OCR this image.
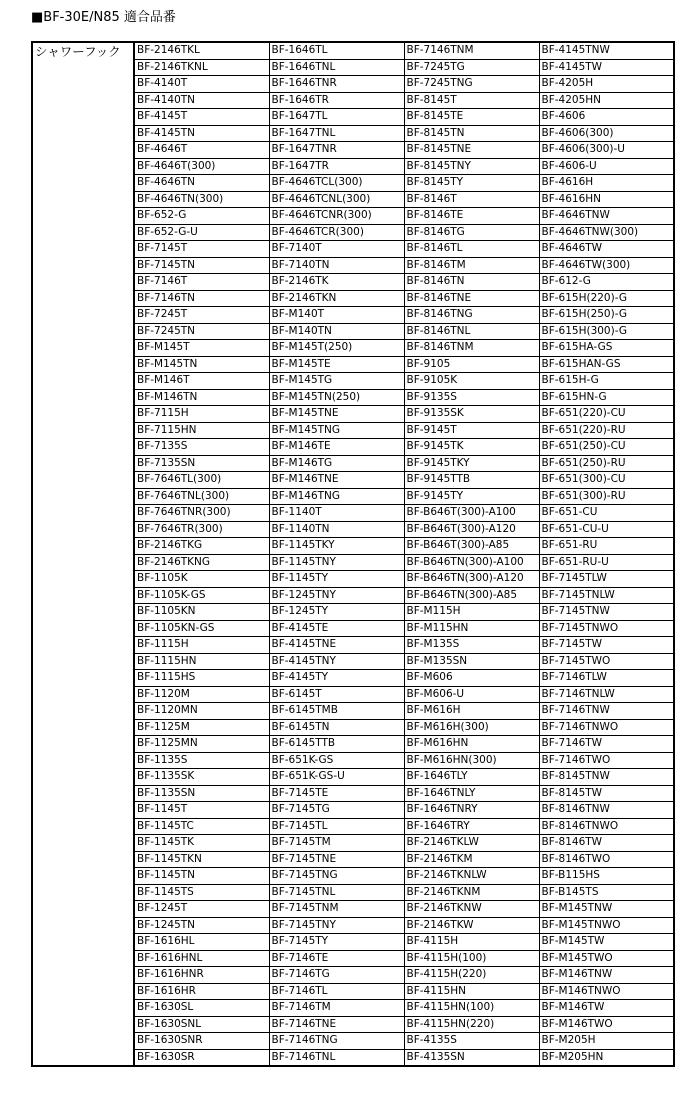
■BF-30E/N85 適合品番
シャワーフック	BF-2146TKL	BF-1646TL	BF-7146TNM	BF-4145TNW
	BF-2146TKNL	BF-1646TNL	BF-7245TG	BF-4145TW
	BF-4140T	BF-1646TNR	BF-7245TNG	BF-4205H
	BF-4140TN	BF-1646TR	BF-8145T	BF-4205HN
	BF-4145T	BF-1647TL	BF-8145TE	BF-4606
	BF-4145TN	BF-1647TNL	BF-8145TN	BF-4606(300)
	BF-4646T	BF-1647TNR	BF-8145TNE	BF-4606(300)-U
	BF-4646T(300)	BF-1647TR	BF-8145TNY	BF-4606-U
	BF-4646TN	BF-4646TCL(300)	BF-8145TY	BF-4616H
	BF-4646TN(300)	BF-4646TCNL(300)	BF-8146T	BF-4616HN
	BF-652-G	BF-4646TCNR(300)	BF-8146TE	BF-4646TNW
	BF-652-G-U	BF-4646TCR(300)	BF-8146TG	BF-4646TNW(300)
	BF-7145T	BF-7140T	BF-8146TL	BF-4646TW
	BF-7145TN	BF-7140TN	BF-8146TM	BF-4646TW(300)
	BF-7146T	BF-2146TK	BF-8146TN	BF-612-G
	BF-7146TN	BF-2146TKN	BF-8146TNE	BF-615H(220)-G
	BF-7245T	BF-M140T	BF-8146TNG	BF-615H(250)-G
	BF-7245TN	BF-M140TN	BF-8146TNL	BF-615H(300)-G
	BF-M145T	BF-M145T(250)	BF-8146TNM	BF-615HA-GS
	BF-M145TN	BF-M145TE	BF-9105	BF-615HAN-GS
	BF-M146T	BF-M145TG	BF-9105K	BF-615H-G
	BF-M146TN	BF-M145TN(250)	BF-9135S	BF-615HN-G
	BF-7115H	BF-M145TNE	BF-9135SK	BF-651(220)-CU
	BF-7115HN	BF-M145TNG	BF-9145T	BF-651(220)-RU
	BF-7135S	BF-M146TE	BF-9145TK	BF-651(250)-CU
	BF-7135SN	BF-M146TG	BF-9145TKY	BF-651(250)-RU
	BF-7646TL(300)	BF-M146TNE	BF-9145TTB	BF-651(300)-CU
	BF-7646TNL(300)	BF-M146TNG	BF-9145TY	BF-651(300)-RU
	BF-7646TNR(300)	BF-1140T	BF-B646T(300)-A100	BF-651-CU
	BF-7646TR(300)	BF-1140TN	BF-B646T(300)-A120	BF-651-CU-U
	BF-2146TKG	BF-1145TKY	BF-B646T(300)-A85	BF-651-RU
	BF-2146TKNG	BF-1145TNY	BF-B646TN(300)-A100	BF-651-RU-U
	BF-1105K	BF-1145TY	BF-B646TN(300)-A120	BF-7145TLW
	BF-1105K-GS	BF-1245TNY	BF-B646TN(300)-A85	BF-7145TNLW
	BF-1105KN	BF-1245TY	BF-M115H	BF-7145TNW
	BF-1105KN-GS	BF-4145TE	BF-M115HN	BF-7145TNWO
	BF-1115H	BF-4145TNE	BF-M135S	BF-7145TW
	BF-1115HN	BF-4145TNY	BF-M135SN	BF-7145TWO
	BF-1115HS	BF-4145TY	BF-M606	BF-7146TLW
	BF-1120M	BF-6145T	BF-M606-U	BF-7146TNLW
	BF-1120MN	BF-6145TMB	BF-M616H	BF-7146TNW
	BF-1125M	BF-6145TN	BF-M616H(300)	BF-7146TNWO
	BF-1125MN	BF-6145TTB	BF-M616HN	BF-7146TW
	BF-1135S	BF-651K-GS	BF-M616HN(300)	BF-7146TWO
	BF-1135SK	BF-651K-GS-U	BF-1646TLY	BF-8145TNW
	BF-1135SN	BF-7145TE	BF-1646TNLY	BF-8145TW
	BF-1145T	BF-7145TG	BF-1646TNRY	BF-8146TNW
	BF-1145TC	BF-7145TL	BF-1646TRY	BF-8146TNWO
	BF-1145TK	BF-7145TM	BF-2146TKLW	BF-8146TW
	BF-1145TKN	BF-7145TNE	BF-2146TKM	BF-8146TWO
	BF-1145TN	BF-7145TNG	BF-2146TKNLW	BF-B115HS
	BF-1145TS	BF-7145TNL	BF-2146TKNM	BF-B145TS
	BF-1245T	BF-7145TNM	BF-2146TKNW	BF-M145TNW
	BF-1245TN	BF-7145TNY	BF-2146TKW	BF-M145TNWO
	BF-1616HL	BF-7145TY	BF-4115H	BF-M145TW
	BF-1616HNL	BF-7146TE	BF-4115H(100)	BF-M145TWO
	BF-1616HNR	BF-7146TG	BF-4115H(220)	BF-M146TNW
	BF-1616HR	BF-7146TL	BF-4115HN	BF-M146TNWO
	BF-1630SL	BF-7146TM	BF-4115HN(100)	BF-M146TW
	BF-1630SNL	BF-7146TNE	BF-4115HN(220)	BF-M146TWO
	BF-1630SNR	BF-7146TNG	BF-4135S	BF-M205H
	BF-1630SR	BF-7146TNL	BF-4135SN	BF-M205HN
